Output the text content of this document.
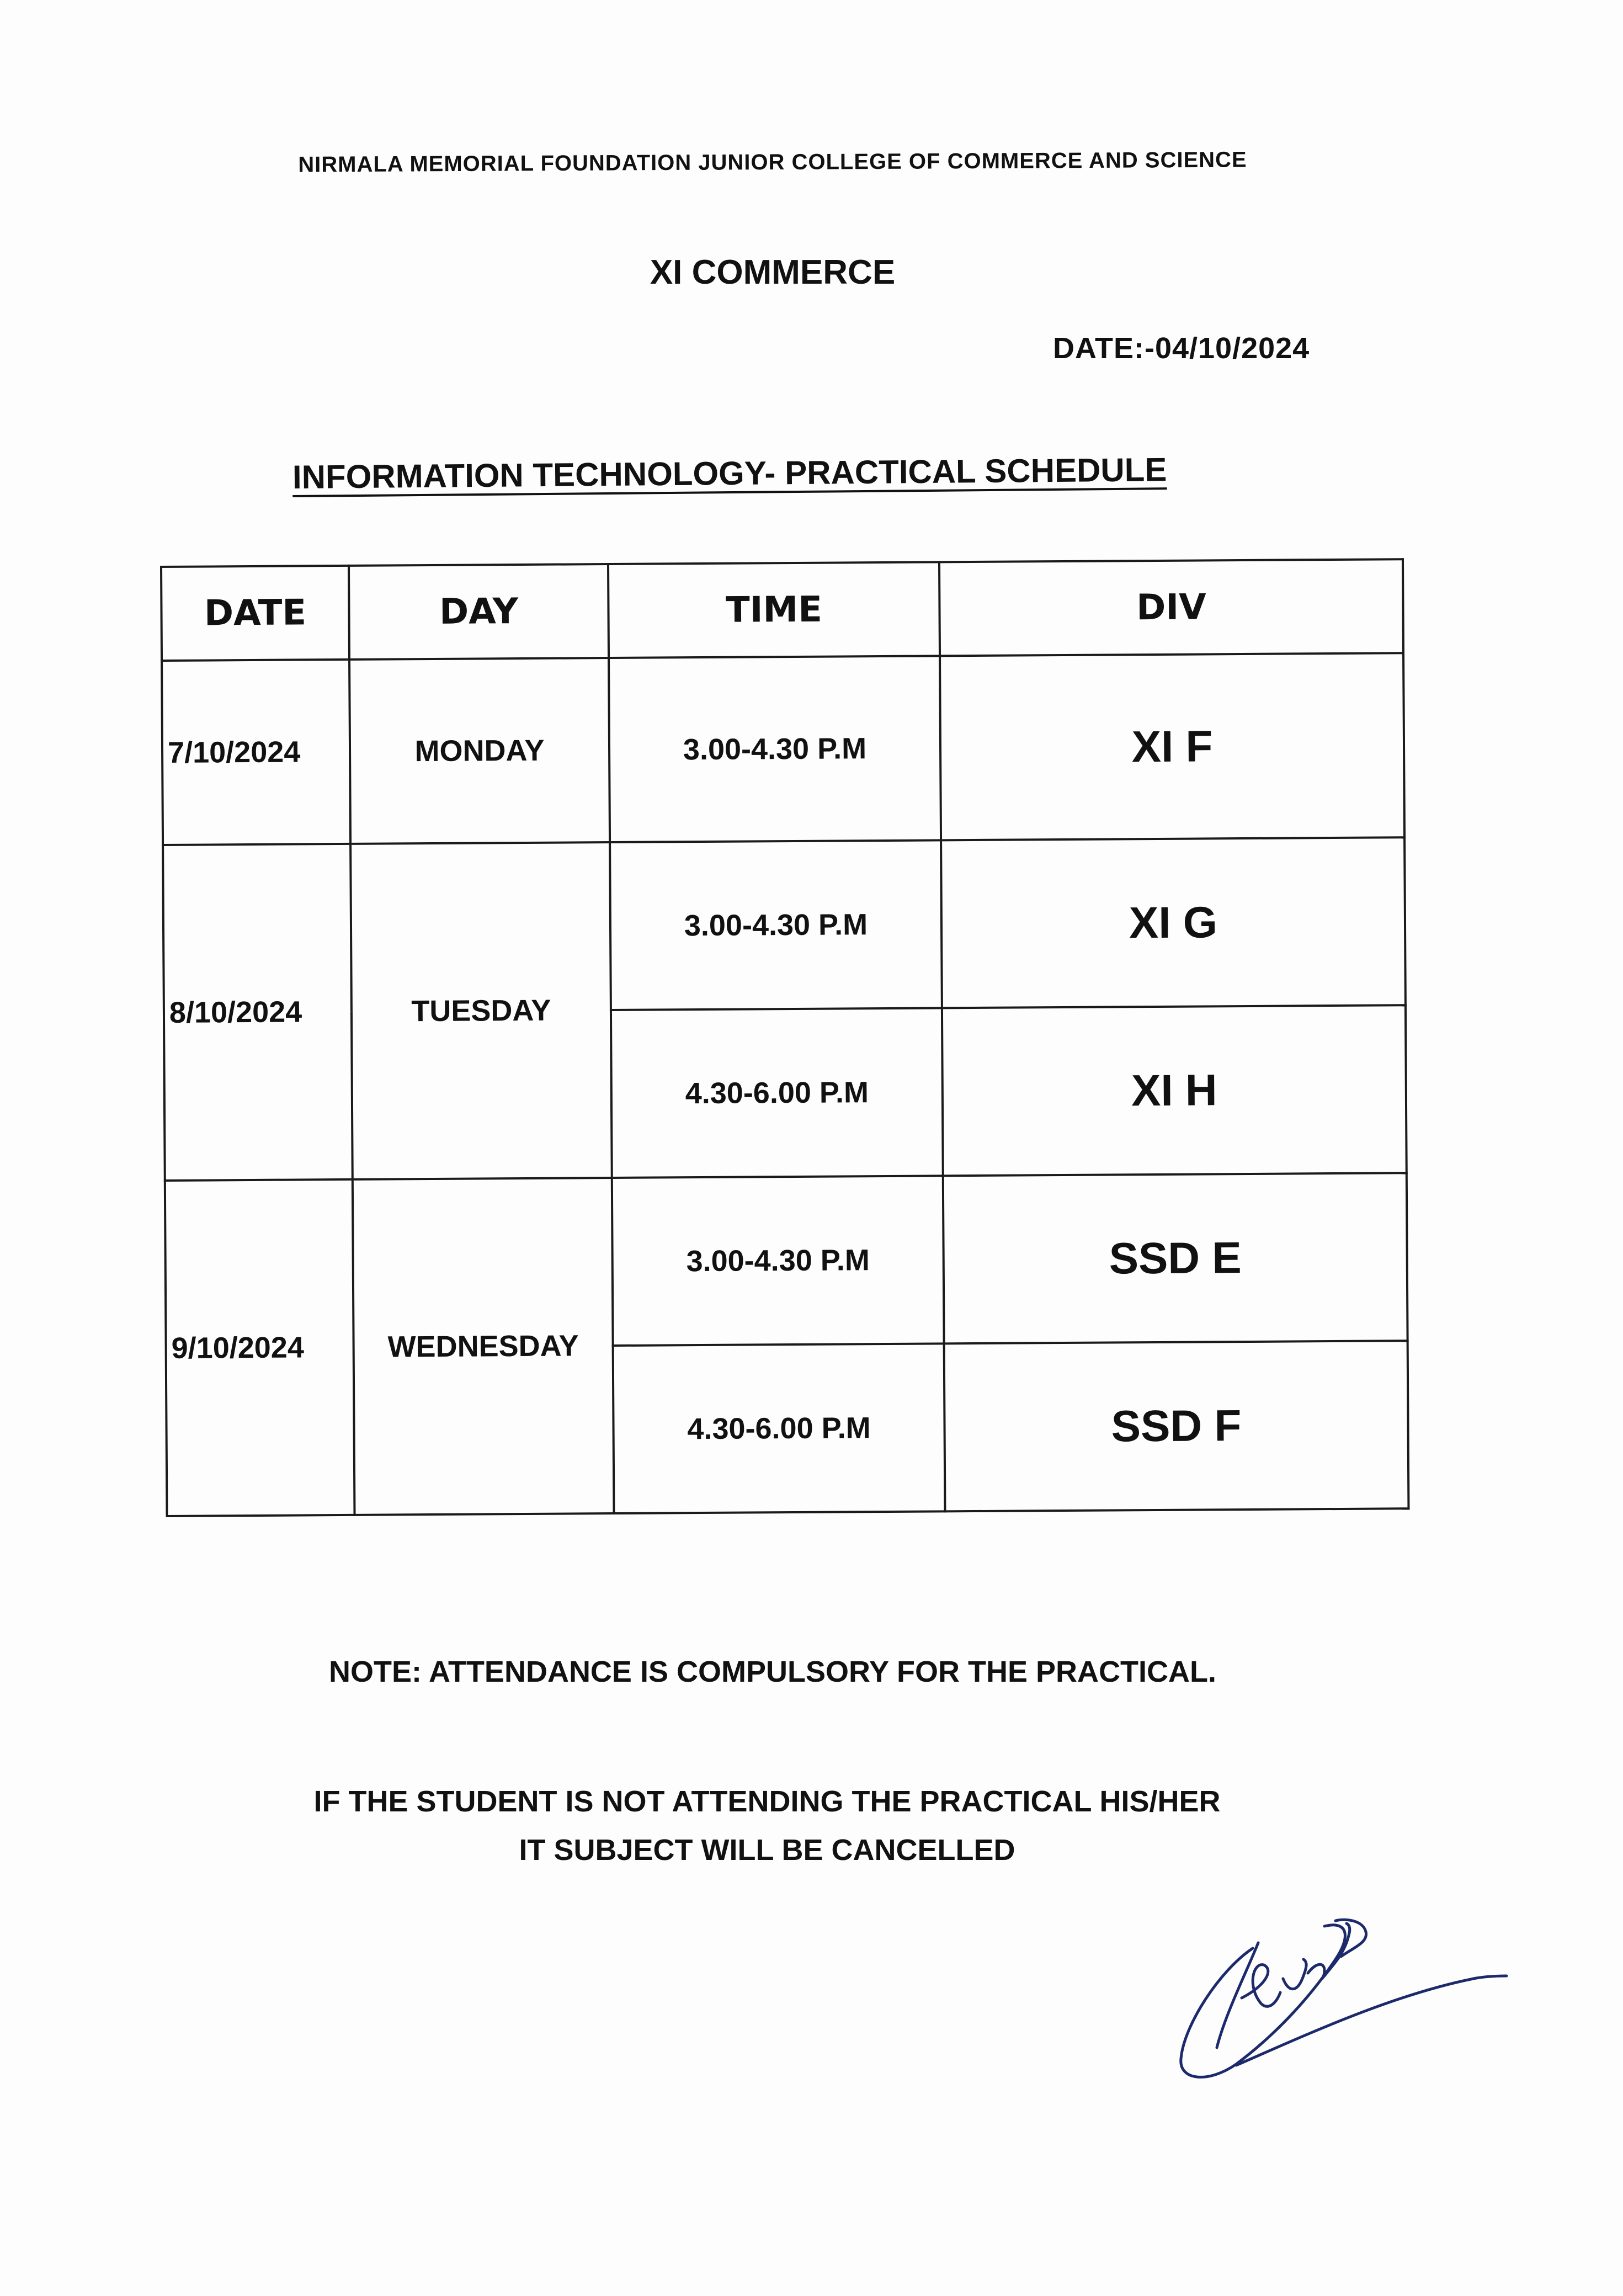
NIRMALA MEMORIAL FOUNDATION JUNIOR COLLEGE OF COMMERCE AND SCIENCE
XI COMMERCE
DATE:-04/10/2024
INFORMATION TECHNOLOGY- PRACTICAL SCHEDULE
DATE	DAY	TIME	DIV
7/10/2024	MONDAY	3.00-4.30 P.M	XI F
8/10/2024	TUESDAY	3.00-4.30 P.M	XI G
		4.30-6.00 P.M	XI H
9/10/2024	WEDNESDAY	3.00-4.30 P.M	SSD E
		4.30-6.00 P.M	SSD F
NOTE: ATTENDANCE IS COMPULSORY FOR THE PRACTICAL.
IF THE STUDENT IS NOT ATTENDING THE PRACTICAL HIS/HER
IT SUBJECT WILL BE CANCELLED
